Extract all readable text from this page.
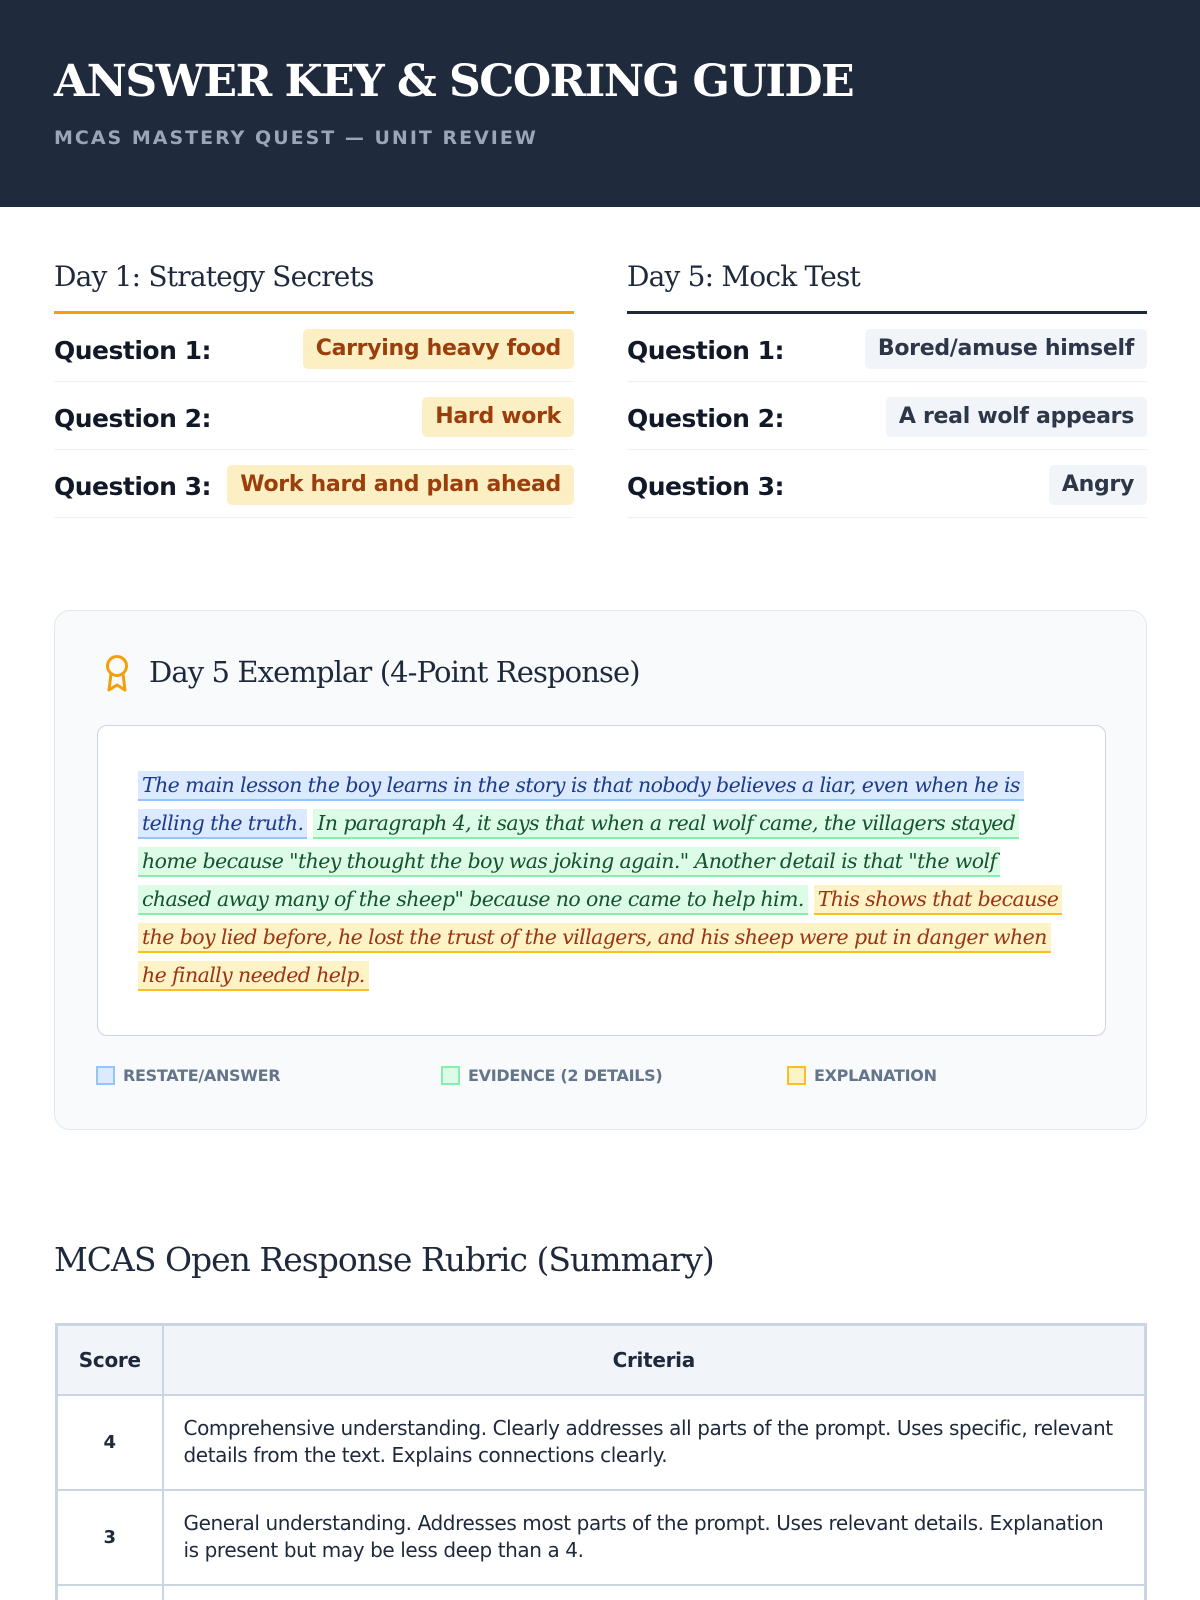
ANSWER KEY & SCORING GUIDE
MCAS MASTERY QUEST — UNIT REVIEW
Day 1: Strategy Secrets
Question 1:	Carrying heavy food
Question 2:	Hard work
Question 3:	Work hard and plan ahead
Day 5: Mock Test
Question 1:	Bored/amuse himself
Question 2:	A real wolf appears
Question 3:	Angry
Day 5 Exemplar (4-Point Response)

The main lesson the boy learns in the story is that nobody believes a liar, even when he is telling the truth. In paragraph 4, it says that when a real wolf came, the villagers stayed home because "they thought the boy was joking again." Another detail is that "the wolf chased away many of the sheep" because no one came to help him. This shows that because the boy lied before, he lost the trust of the villagers, and his sheep were put in danger when he finally needed help.

RESTATE/ANSWER	EVIDENCE (2 DETAILS)	EXPLANATION
MCAS Open Response Rubric (Summary)
Score	Criteria
4	Comprehensive understanding. Clearly addresses all parts of the prompt. Uses specific, relevant details from the text. Explains connections clearly.
3	General understanding. Addresses most parts of the prompt. Uses relevant details. Explanation is present but may be less deep than a 4.
